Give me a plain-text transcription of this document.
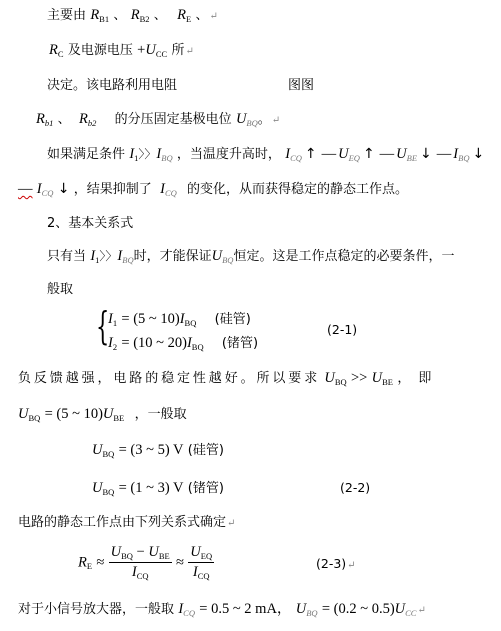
主要由 $R_{B1}$ 、 $R_{B2}$ 、 $R_E$ 、↵
$R_C$ 及电源电压 $+U_{CC}$ 所↵
决定。该电路利用电阻	图图
$R_{b1}$ 、 $R_{b2}$ 的分压固定基极电位 $U_{BQ}$。↵
如果满足条件 $I_1$〉〉$I_{BQ}$ ，当温度升高时， $I_{CQ}$ ↑ — $U_{EQ}$ ↑ — $U_{BE}$ ↓ — $I_{BQ}$ ↓
— $I_{CQ}$ ↓ ，结果抑制了 $I_{CQ}$ 的变化，从而获得稳定的静态工作点。
2、基本关系式
只有当 $I_1$〉〉$I_{BQ}$时，才能保证$U_{BQ}$恒定。这是工作点稳定的必要条件，一
般取
{
$I_1 = (5$ ~ $10)I_{BQ}$ (硅管)
$I_2 = (10$ ~ $20)I_{BQ}$ (锗管)
(2-1)
负反馈越强，电路的稳定性越好。所以要求 $U_{BQ} >> U_{BE}$ ，即
$U_{BQ} = (5$ ~ $10)U_{BE}$ ，一般取
$U_{BQ} = (3$ ~ 5) V (硅管)
$U_{BQ} = (1$ ~ 3) V (锗管)	(2-2)
电路的静态工作点由下列关系式确定↵
$R_E \approx \frac{U_{BQ} - U_{BE}}{I_{CQ}} \approx \frac{U_{EQ}}{I_{CQ}}$	(2-3)↵
对于小信号放大器，一般取 $I_{CQ} = 0.5$ ~ 2 mA， $U_{BQ} = (0.2$ ~ $0.5)U_{CC}↵$
